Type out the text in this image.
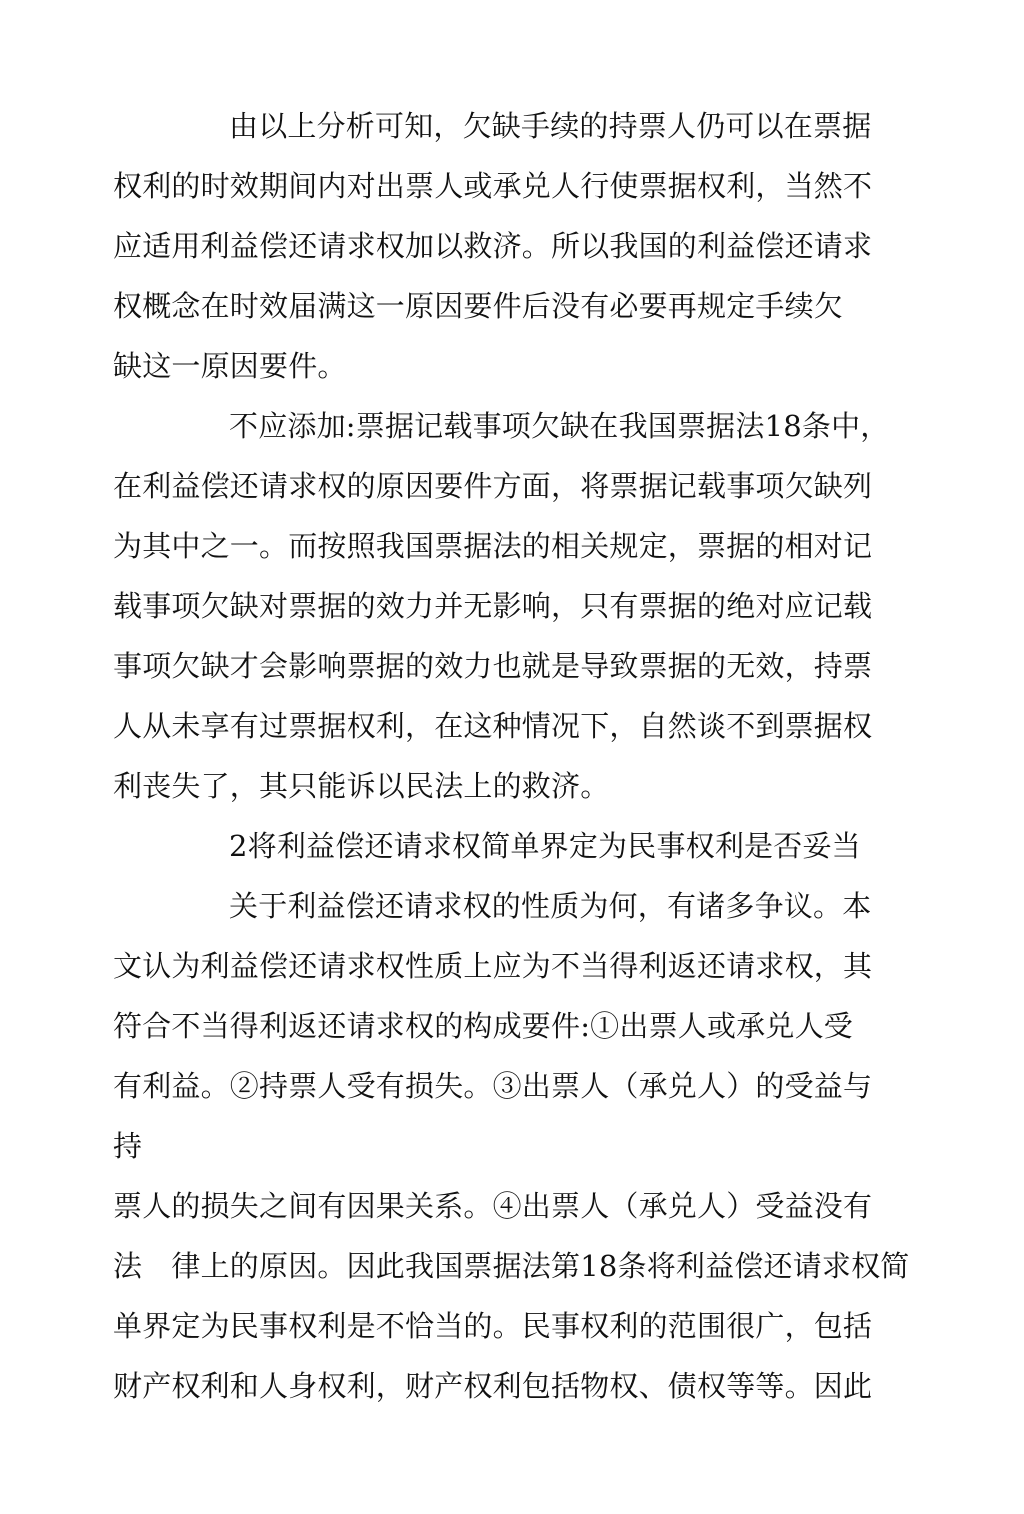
由以上分析可知，欠缺手续的持票人仍可以在票据
权利的时效期间内对出票人或承兑人行使票据权利，当然不
应适用利益偿还请求权加以救济。所以我国的利益偿还请求
权概念在时效届满这一原因要件后没有必要再规定手续欠
缺这一原因要件。
不应添加:票据记载事项欠缺在我国票据法18条中，
在利益偿还请求权的原因要件方面，将票据记载事项欠缺列
为其中之一。而按照我国票据法的相关规定，票据的相对记
载事项欠缺对票据的效力并无影响，只有票据的绝对应记载
事项欠缺才会影响票据的效力也就是导致票据的无效，持票
人从未享有过票据权利，在这种情况下，自然谈不到票据权
利丧失了，其只能诉以民法上的救济。
2将利益偿还请求权简单界定为民事权利是否妥当
关于利益偿还请求权的性质为何，有诸多争议。本
文认为利益偿还请求权性质上应为不当得利返还请求权，其
符合不当得利返还请求权的构成要件:①出票人或承兑人受
有利益。②持票人受有损失。③出票人（承兑人）的受益与
持
票人的损失之间有因果关系。④出票人（承兑人）受益没有
法　律上的原因。因此我国票据法第18条将利益偿还请求权简
单界定为民事权利是不恰当的。民事权利的范围很广，包括
财产权利和人身权利，财产权利包括物权、债权等等。因此
